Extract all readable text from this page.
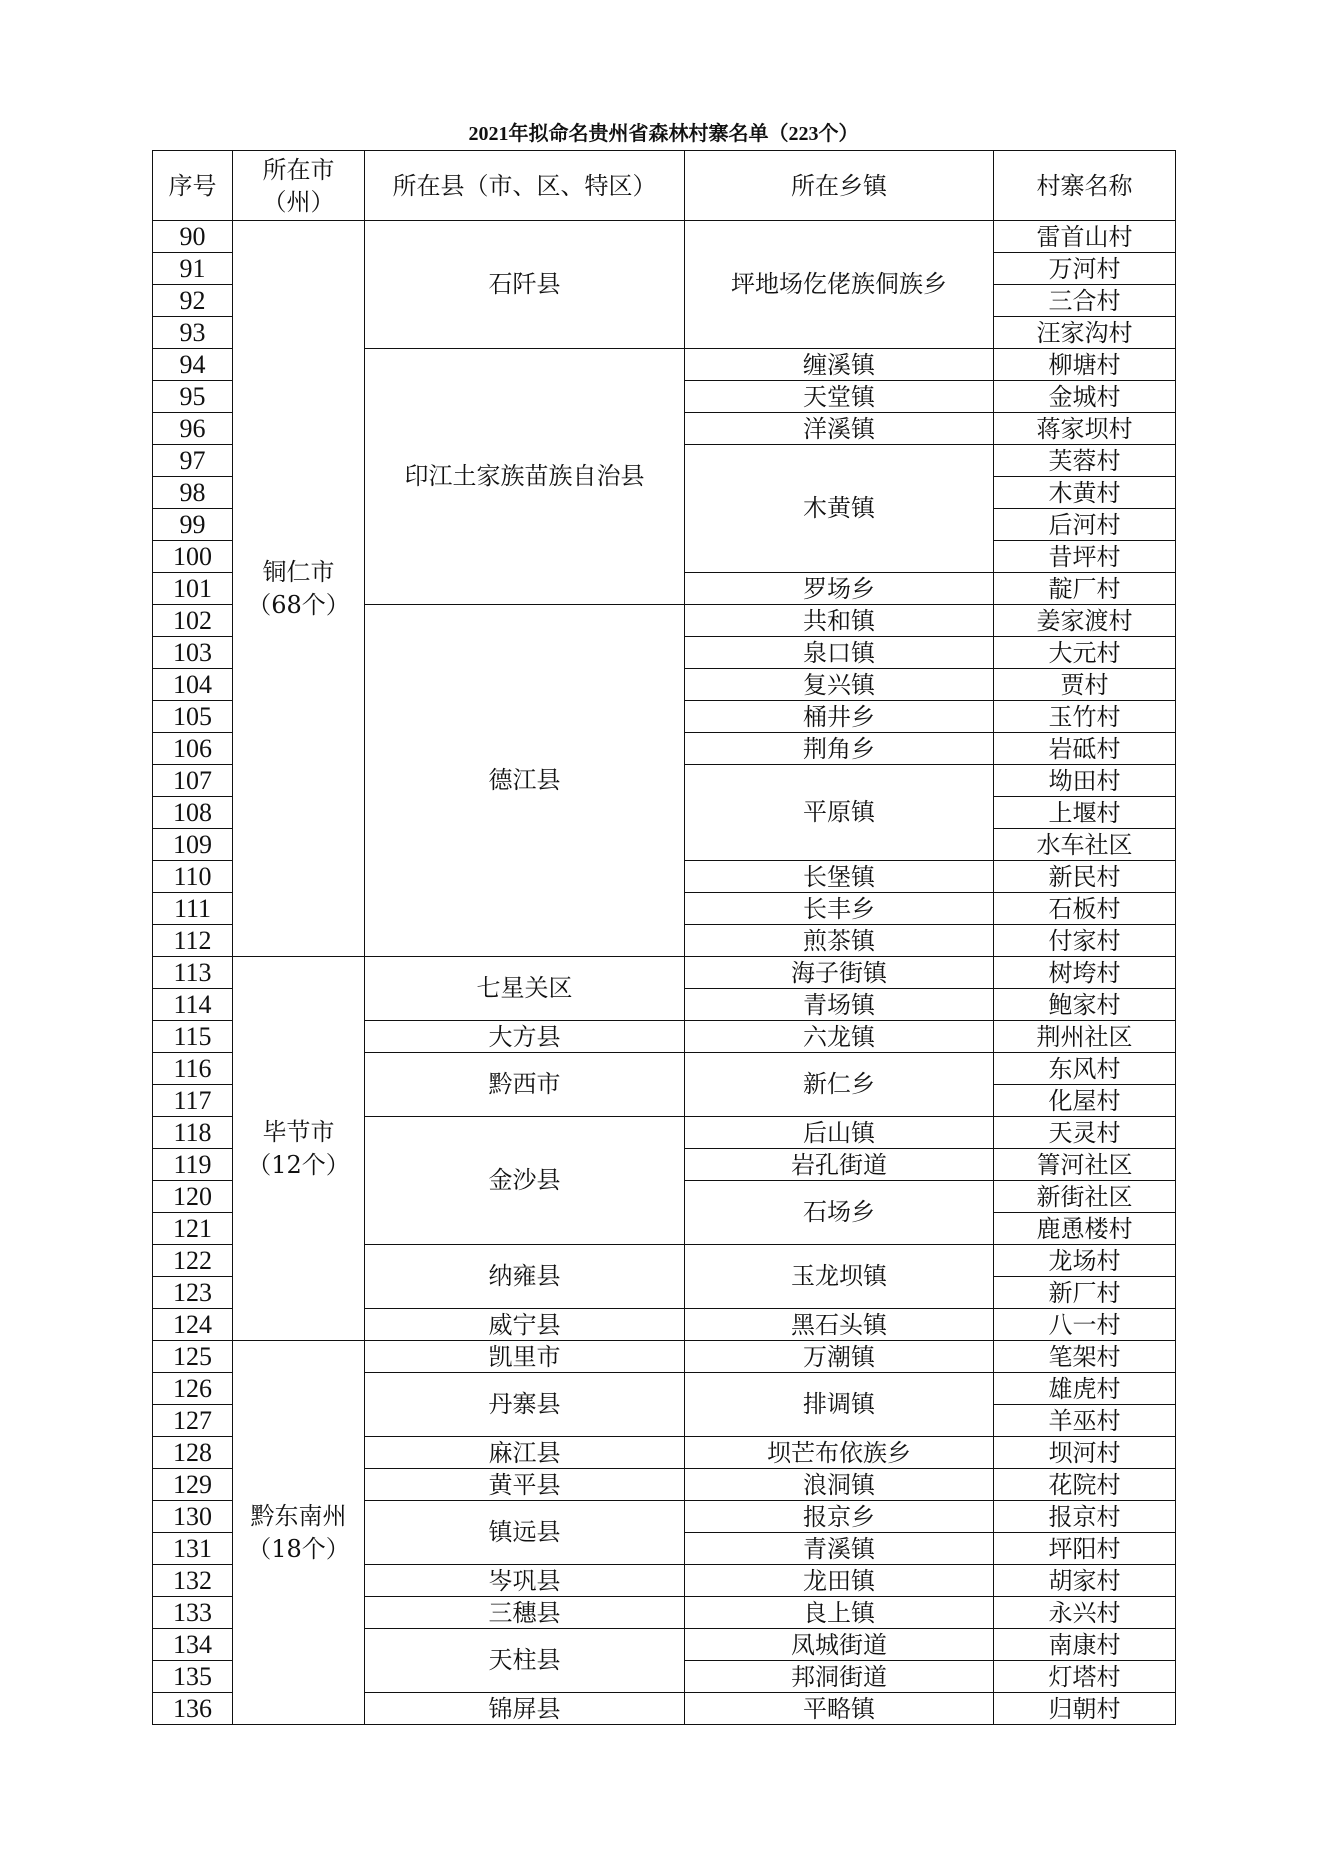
2021年拟命名贵州省森林村寨名单（223个）
序号	所在市（州）	所在县（市、区、特区）	所在乡镇	村寨名称
90	铜仁市（68个）	石阡县	坪地场仡佬族侗族乡	雷首山村
91				万河村
92				三合村
93				汪家沟村
94		印江土家族苗族自治县	缠溪镇	柳塘村
95			天堂镇	金城村
96			洋溪镇	蒋家坝村
97			木黄镇	芙蓉村
98				木黄村
99				后河村
100				昔坪村
101			罗场乡	靛厂村
102		德江县	共和镇	姜家渡村
103			泉口镇	大元村
104			复兴镇	贾村
105			桶井乡	玉竹村
106			荆角乡	岩砥村
107			平原镇	坳田村
108				上堰村
109				水车社区
110			长堡镇	新民村
111			长丰乡	石板村
112			煎茶镇	付家村
113	毕节市（12个）	七星关区	海子街镇	树垮村
114			青场镇	鲍家村
115		大方县	六龙镇	荆州社区
116		黔西市	新仁乡	东风村
117				化屋村
118		金沙县	后山镇	天灵村
119			岩孔街道	箐河社区
120			石场乡	新街社区
121				鹿恿楼村
122		纳雍县	玉龙坝镇	龙场村
123				新厂村
124		威宁县	黑石头镇	八一村
125	黔东南州（18个）	凯里市	万潮镇	笔架村
126		丹寨县	排调镇	雄虎村
127				羊巫村
128		麻江县	坝芒布依族乡	坝河村
129		黄平县	浪洞镇	花院村
130		镇远县	报京乡	报京村
131			青溪镇	坪阳村
132		岑巩县	龙田镇	胡家村
133		三穗县	良上镇	永兴村
134		天柱县	凤城街道	南康村
135			邦洞街道	灯塔村
136		锦屏县	平略镇	归朝村
